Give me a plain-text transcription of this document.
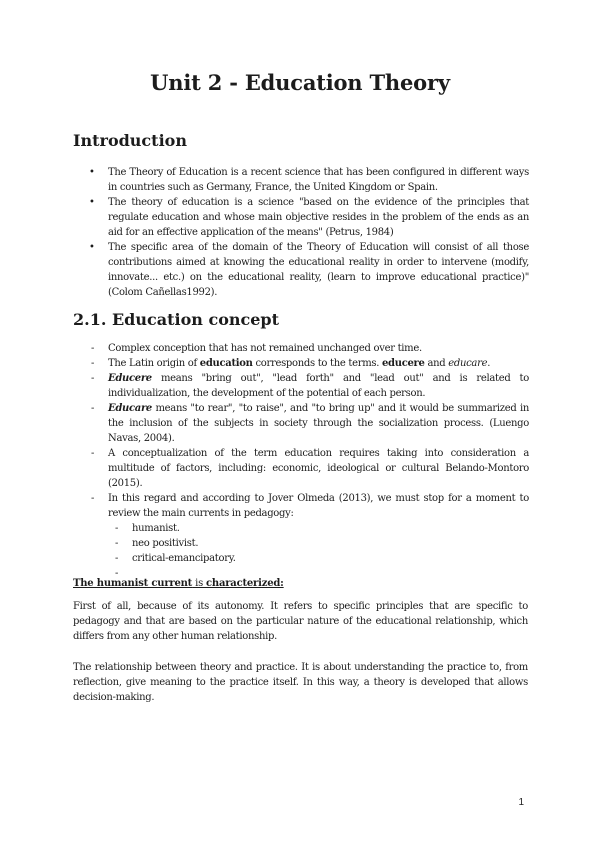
Unit 2 - Education Theory
Introduction
• The Theory of Education is a recent science that has been configured in different ways in countries such as Germany, France, the United Kingdom or Spain.
• The theory of education is a science "based on the evidence of the principles that regulate education and whose main objective resides in the problem of the ends as an aid for an effective application of the means" (Petrus, 1984)
• The specific area of the domain of the Theory of Education will consist of all those contributions aimed at knowing the educational reality in order to intervene (modify, innovate... etc.) on the educational reality, (learn to improve educational practice)" (Colom Cañellas1992).
2.1. Education concept
- Complex conception that has not remained unchanged over time.
- The Latin origin of education corresponds to the terms. educere and educare.
- Educere means "bring out", "lead forth" and "lead out" and is related to individualization, the development of the potential of each person.
- Educare means "to rear", "to raise", and "to bring up" and it would be summarized in the inclusion of the subjects in society through the socialization process. (Luengo Navas, 2004).
- A conceptualization of the term education requires taking into consideration a multitude of factors, including: economic, ideological or cultural Belando-Montoro (2015).
- In this regard and according to Jover Olmeda (2013), we must stop for a moment to review the main currents in pedagogy:
- humanist.
- neo positivist.
- critical-emancipatory.
-

The humanist current is characterized:

First of all, because of its autonomy. It refers to specific principles that are specific to pedagogy and that are based on the particular nature of the educational relationship, which differs from any other human relationship.

The relationship between theory and practice. It is about understanding the practice to, from reflection, give meaning to the practice itself. In this way, a theory is developed that allows decision-making.

1
